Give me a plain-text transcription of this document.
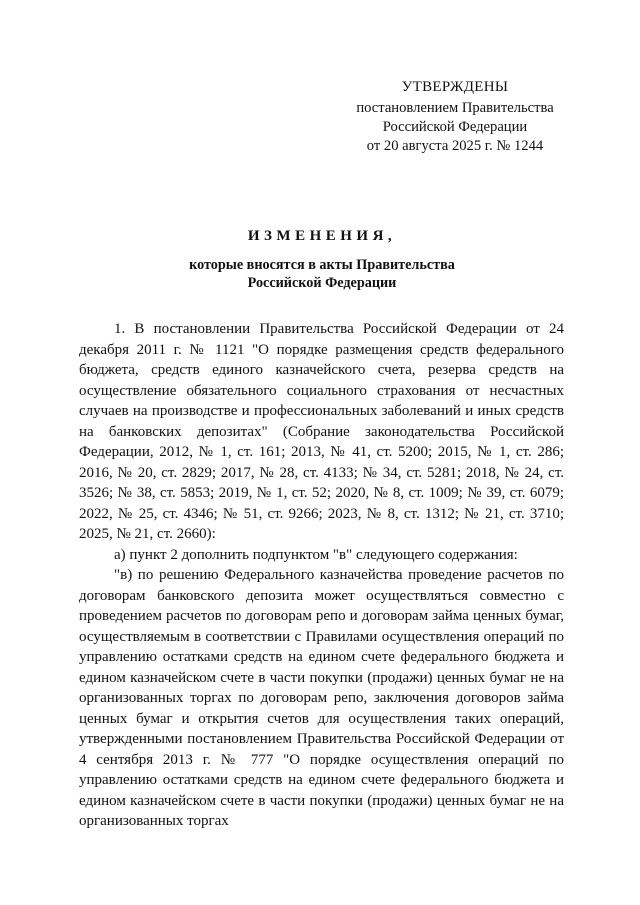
УТВЕРЖДЕНЫ
постановлением Правительства
Российской Федерации
от 20 августа 2025 г. № 1244
ИЗМЕНЕНИЯ,
которые вносятся в акты Правительства
Российской Федерации

1. В постановлении Правительства Российской Федерации от 24 декабря 2011 г. № 1121 "О порядке размещения средств федерального бюджета, средств единого казначейского счета, резерва средств на осуществление обязательного социального страхования от несчастных случаев на производстве и профессиональных заболеваний и иных средств на банковских депозитах" (Собрание законодательства Российской Федерации, 2012, № 1, ст. 161; 2013, № 41, ст. 5200; 2015, № 1, ст. 286; 2016, № 20, ст. 2829; 2017, № 28, ст. 4133; № 34, ст. 5281; 2018, № 24, ст. 3526; № 38, ст. 5853; 2019, № 1, ст. 52; 2020, № 8, ст. 1009; № 39, ст. 6079; 2022, № 25, ст. 4346; № 51, ст. 9266; 2023, № 8, ст. 1312; № 21, ст. 3710; 2025, № 21, ст. 2660):

а) пункт 2 дополнить подпунктом "в" следующего содержания:

"в) по решению Федерального казначейства проведение расчетов по договорам банковского депозита может осуществляться совместно с проведением расчетов по договорам репо и договорам займа ценных бумаг, осуществляемым в соответствии с Правилами осуществления операций по управлению остатками средств на едином счете федерального бюджета и едином казначейском счете в части покупки (продажи) ценных бумаг не на организованных торгах по договорам репо, заключения договоров займа ценных бумаг и открытия счетов для осуществления таких операций, утвержденными постановлением Правительства Российской Федерации от 4 сентября 2013 г. № 777 "О порядке осуществления операций по управлению остатками средств на едином счете федерального бюджета и едином казначейском счете в части покупки (продажи) ценных бумаг не на организованных торгах
